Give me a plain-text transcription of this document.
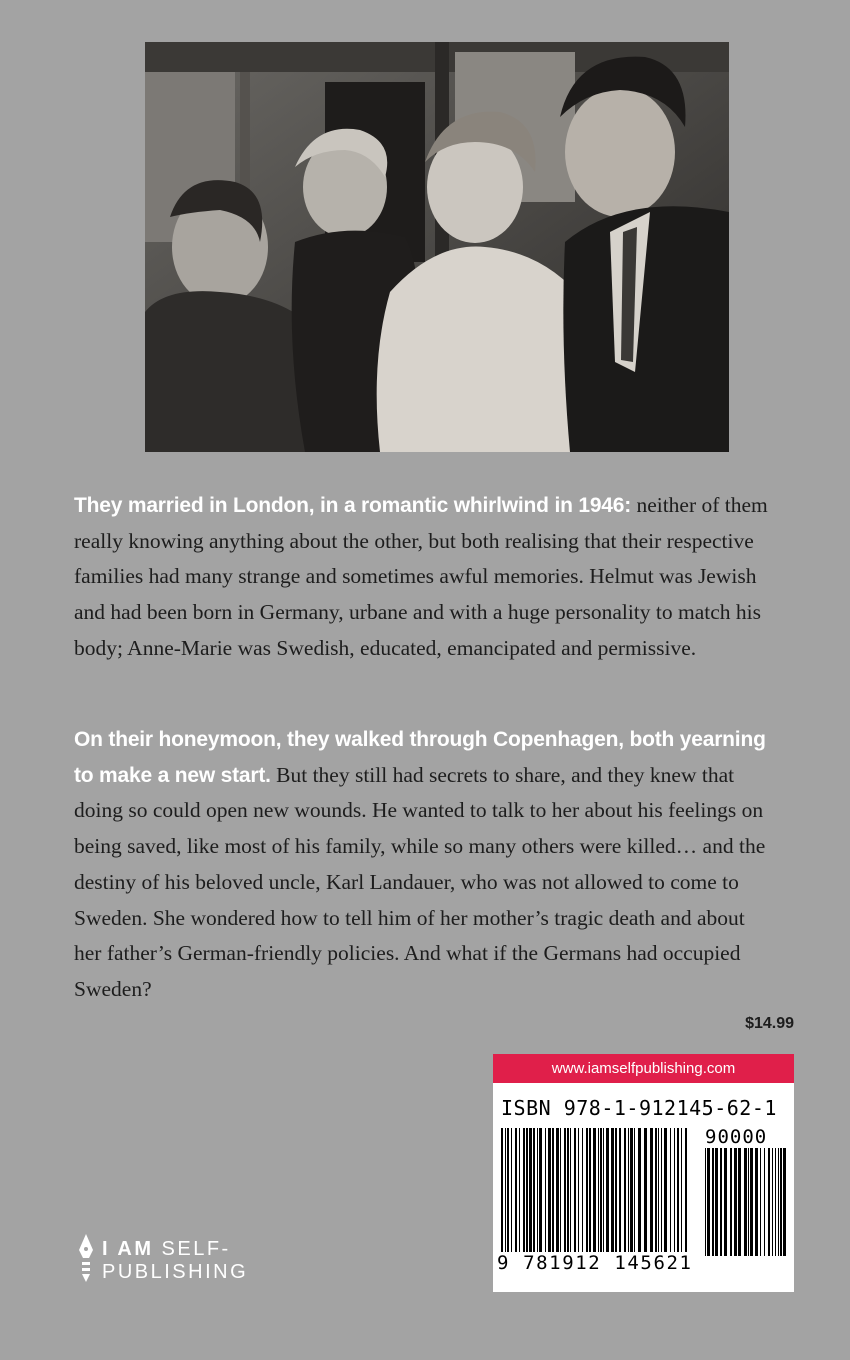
They married in London, in a romantic whirlwind in 1946: neither of them really knowing anything about the other, but both realising that their respective families had many strange and sometimes awful memories. Helmut was Jewish and had been born in Germany, urbane and with a huge personality to match his body; Anne-Marie was Swedish, educated, emancipated and permissive.

On their honeymoon, they walked through Copenhagen, both yearning to make a new start. But they still had secrets to share, and they knew that doing so could open new wounds. He wanted to talk to her about his feelings on being saved, like most of his family, while so many others were killed… and the destiny of his beloved uncle, Karl Landauer, who was not allowed to come to Sweden. She wondered how to tell him of her mother’s tragic death and about her father’s German-friendly policies. And what if the Germans had occupied Sweden?

$14.99
www.iamselfpublishing.com
ISBN 978-1-912145-62-1
90000
9 781912 145621
I AM SELF-
PUBLISHING
